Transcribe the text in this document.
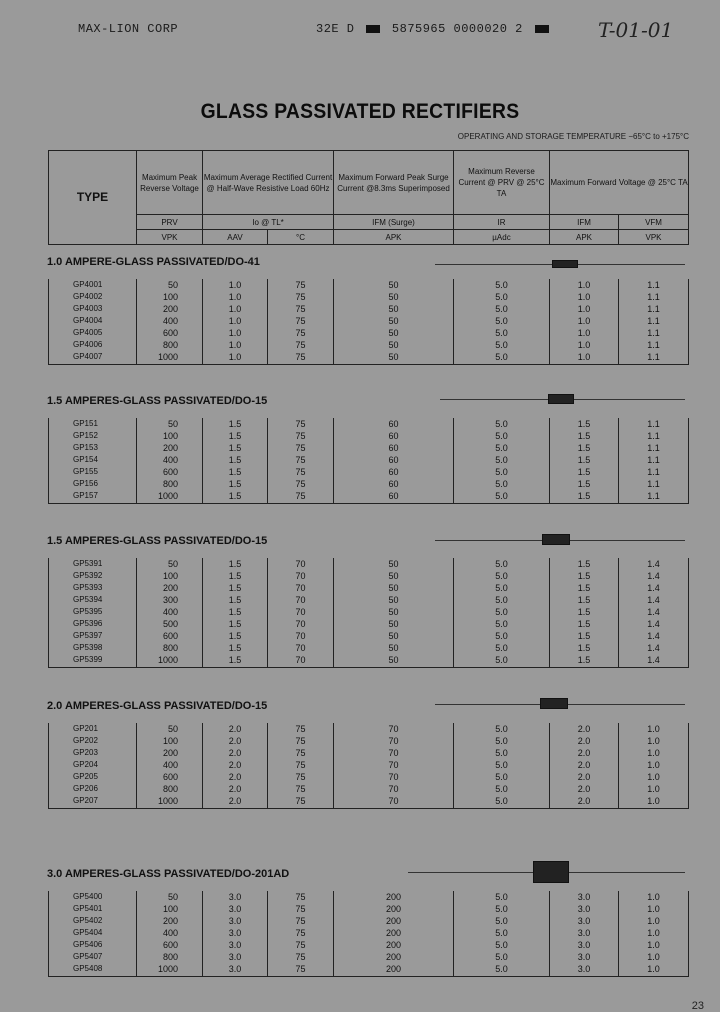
MAX-LION CORP	32E D	5875965 0000020 2	T-01-01
GLASS PASSIVATED RECTIFIERS
OPERATING AND STORAGE TEMPERATURE −65°C to +175°C
TYPE	Maximum Peak Reverse Voltage	Maximum Average Rectified Current @ Half-Wave Resistive Load 60Hz		Maximum Forward Peak Surge Current @8.3ms Superimposed	Maximum Reverse Current @ PRV @ 25°C TA	Maximum Forward Voltage @ 25°C TA	
	PRV	Io @ TL*		IFM (Surge)	IR	IFM	VFM
	VPK	AAV	°C	APK	µAdc	APK	VPK
1.0 AMPERE-GLASS PASSIVATED/DO-41
1.5 AMPERES-GLASS PASSIVATED/DO-15
1.5 AMPERES-GLASS PASSIVATED/DO-15
2.0 AMPERES-GLASS PASSIVATED/DO-15
3.0 AMPERES-GLASS PASSIVATED/DO-201AD
GP4001	50	1.0	75	50	5.0	1.0	1.1
GP4002	100	1.0	75	50	5.0	1.0	1.1
GP4003	200	1.0	75	50	5.0	1.0	1.1
GP4004	400	1.0	75	50	5.0	1.0	1.1
GP4005	600	1.0	75	50	5.0	1.0	1.1
GP4006	800	1.0	75	50	5.0	1.0	1.1
GP4007	1000	1.0	75	50	5.0	1.0	1.1
GP151	50	1.5	75	60	5.0	1.5	1.1
GP152	100	1.5	75	60	5.0	1.5	1.1
GP153	200	1.5	75	60	5.0	1.5	1.1
GP154	400	1.5	75	60	5.0	1.5	1.1
GP155	600	1.5	75	60	5.0	1.5	1.1
GP156	800	1.5	75	60	5.0	1.5	1.1
GP157	1000	1.5	75	60	5.0	1.5	1.1
GP5391	50	1.5	70	50	5.0	1.5	1.4
GP5392	100	1.5	70	50	5.0	1.5	1.4
GP5393	200	1.5	70	50	5.0	1.5	1.4
GP5394	300	1.5	70	50	5.0	1.5	1.4
GP5395	400	1.5	70	50	5.0	1.5	1.4
GP5396	500	1.5	70	50	5.0	1.5	1.4
GP5397	600	1.5	70	50	5.0	1.5	1.4
GP5398	800	1.5	70	50	5.0	1.5	1.4
GP5399	1000	1.5	70	50	5.0	1.5	1.4
GP201	50	2.0	75	70	5.0	2.0	1.0
GP202	100	2.0	75	70	5.0	2.0	1.0
GP203	200	2.0	75	70	5.0	2.0	1.0
GP204	400	2.0	75	70	5.0	2.0	1.0
GP205	600	2.0	75	70	5.0	2.0	1.0
GP206	800	2.0	75	70	5.0	2.0	1.0
GP207	1000	2.0	75	70	5.0	2.0	1.0
GP5400	50	3.0	75	200	5.0	3.0	1.0
GP5401	100	3.0	75	200	5.0	3.0	1.0
GP5402	200	3.0	75	200	5.0	3.0	1.0
GP5404	400	3.0	75	200	5.0	3.0	1.0
GP5406	600	3.0	75	200	5.0	3.0	1.0
GP5407	800	3.0	75	200	5.0	3.0	1.0
GP5408	1000	3.0	75	200	5.0	3.0	1.0
23
